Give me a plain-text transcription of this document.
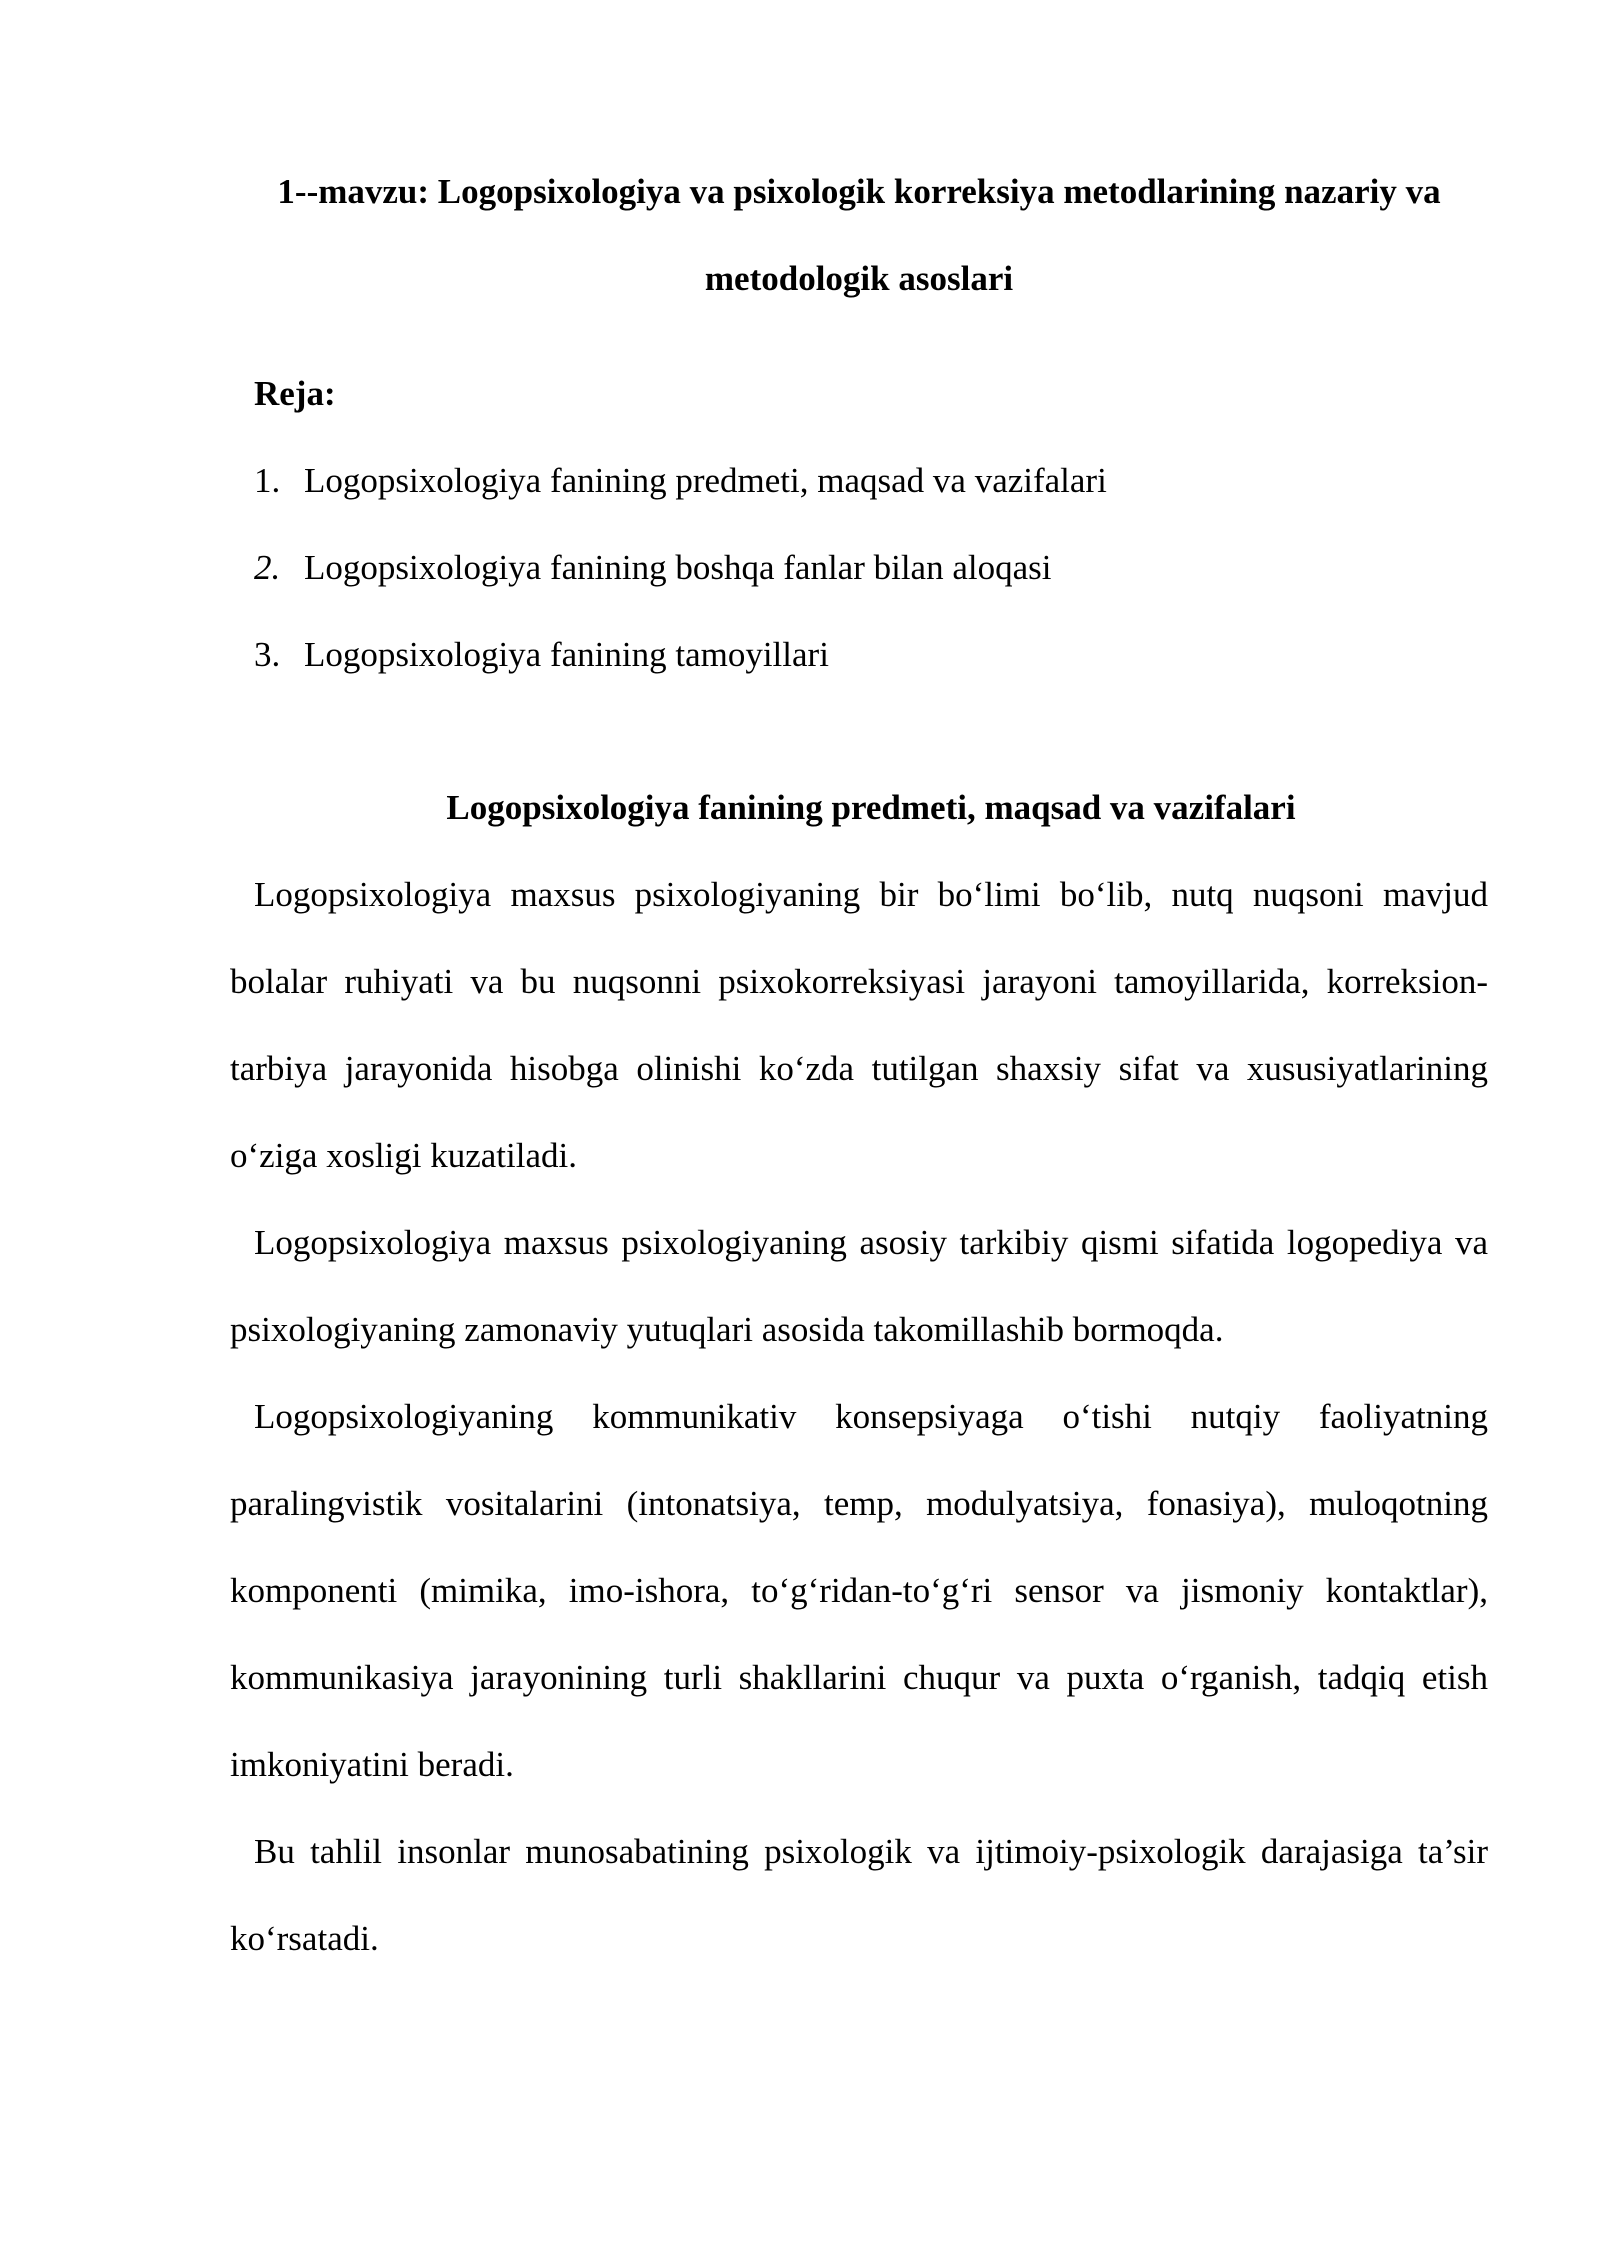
1--mavzu: Logopsixologiya va psixologik korreksiya metodlarining nazariy va

metodologik asoslari

Reja:

1. Logopsixologiya fanining predmeti, maqsad va vazifalari
2. Logopsixologiya fanining boshqa fanlar bilan aloqasi
3. Logopsixologiya fanining tamoyillari

Logopsixologiya fanining predmeti, maqsad va vazifalari

Logopsixologiya maxsus psixologiyaning bir bo‘limi bo‘lib, nutq nuqsoni mavjud bolalar ruhiyati va bu nuqsonni psixokorreksiyasi jarayoni tamoyillarida, korreksion-tarbiya jarayonida hisobga olinishi ko‘zda tutilgan shaxsiy sifat va xususiyatlarining o‘ziga xosligi kuzatiladi.

Logopsixologiya maxsus psixologiyaning asosiy tarkibiy qismi sifatida logopediya va psixologiyaning zamonaviy yutuqlari asosida takomillashib bormoqda.

Logopsixologiyaning kommunikativ konsepsiyaga o‘tishi nutqiy faoliyatning paralingvistik vositalarini (intonatsiya, temp, modulyatsiya, fonasiya), muloqotning komponenti (mimika, imo-ishora, to‘g‘ridan-to‘g‘ri sensor va jismoniy kontaktlar), kommunikasiya jarayonining turli shakllarini chuqur va puxta o‘rganish, tadqiq etish imkoniyatini beradi.

Bu tahlil insonlar munosabatining psixologik va ijtimoiy-psixologik darajasiga ta’sir ko‘rsatadi.
